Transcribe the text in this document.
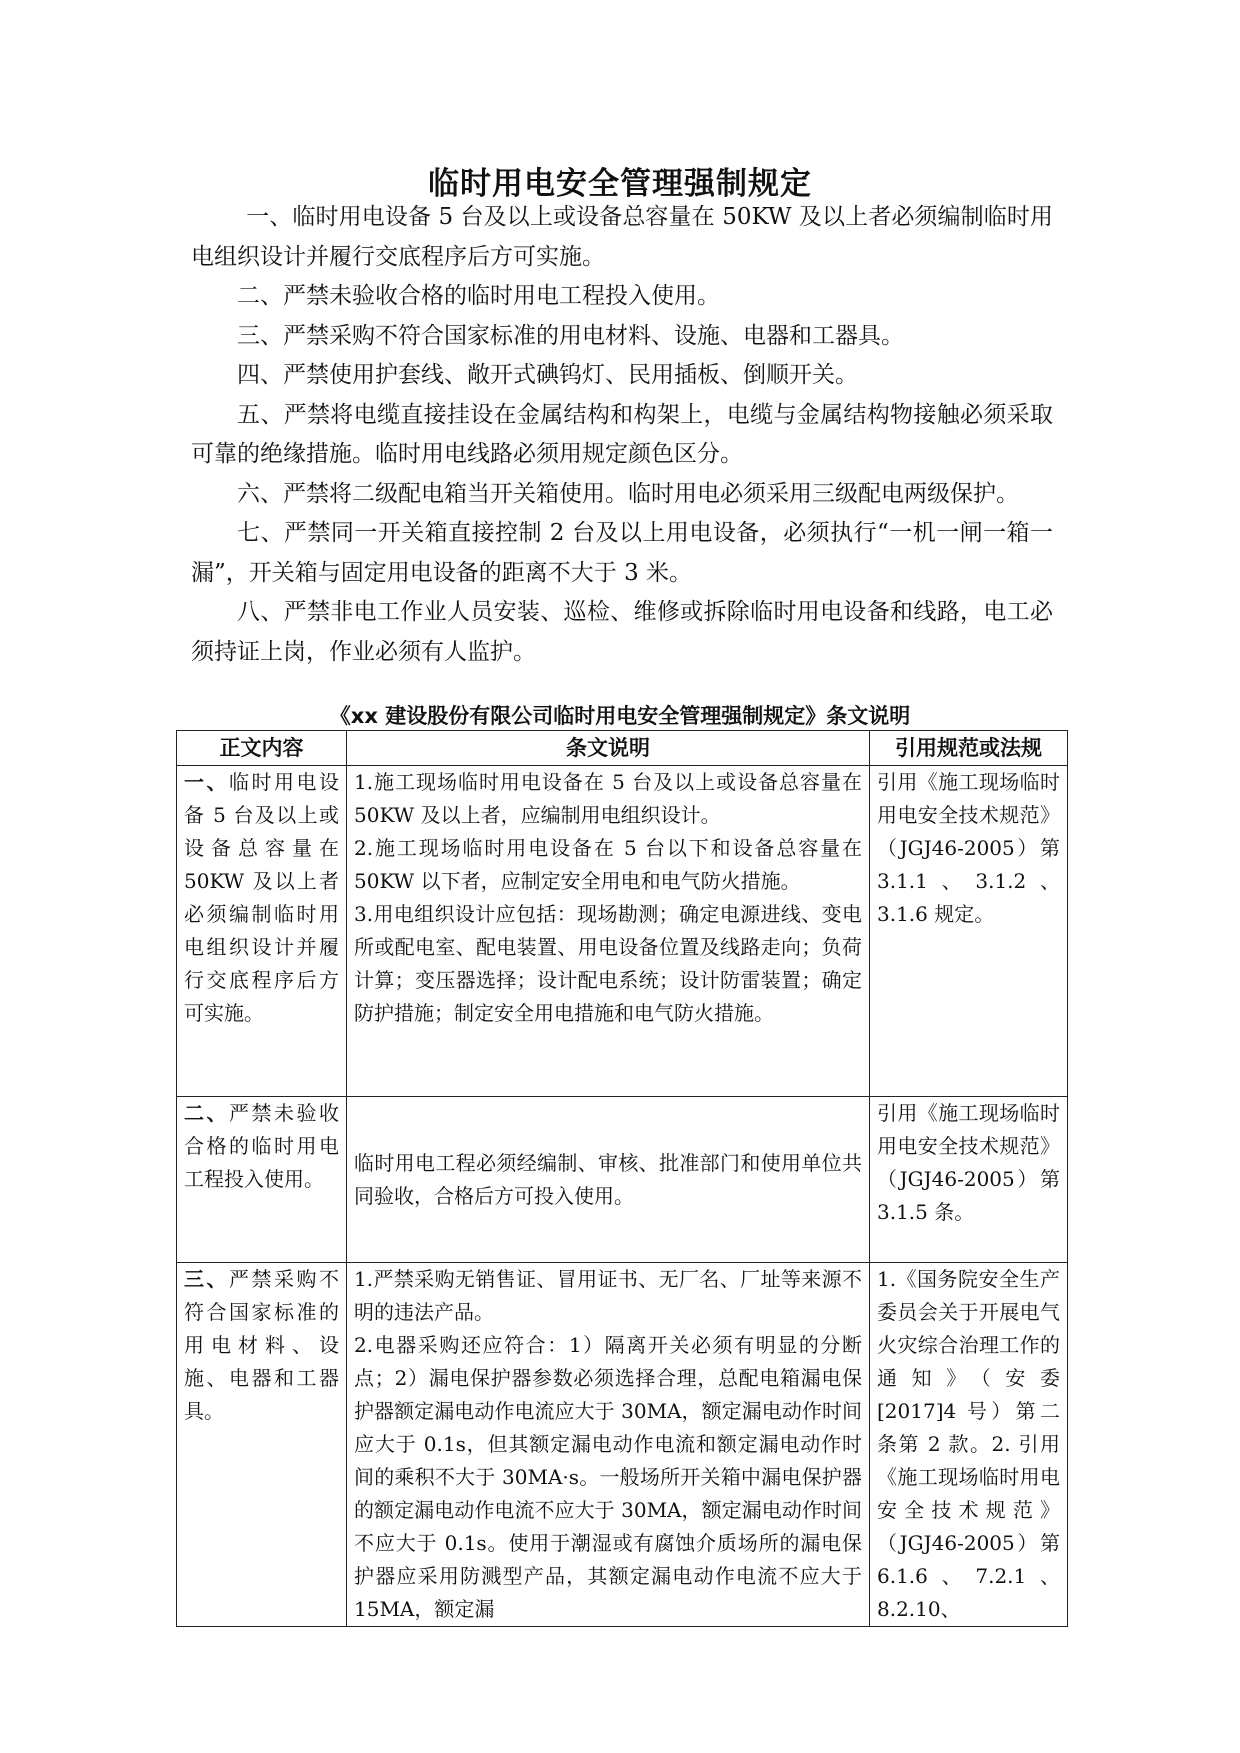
临时用电安全管理强制规定

一、临时用电设备 5 台及以上或设备总容量在 50KW 及以上者必须编制临时用电组织设计并履行交底程序后方可实施。

二、严禁未验收合格的临时用电工程投入使用。

三、严禁采购不符合国家标准的用电材料、设施、电器和工器具。

四、严禁使用护套线、敞开式碘钨灯、民用插板、倒顺开关。

五、严禁将电缆直接挂设在金属结构和构架上，电缆与金属结构物接触必须采取可靠的绝缘措施。临时用电线路必须用规定颜色区分。

六、严禁将二级配电箱当开关箱使用。临时用电必须采用三级配电两级保护。

七、严禁同一开关箱直接控制 2 台及以上用电设备，必须执行“一机一闸一箱一漏”，开关箱与固定用电设备的距离不大于 3 米。

八、严禁非电工作业人员安装、巡检、维修或拆除临时用电设备和线路，电工必须持证上岗，作业必须有人监护。

《xx 建设股份有限公司临时用电安全管理强制规定》条文说明
正文内容	条文说明	引用规范或法规
一、临时用电设备 5 台及以上或设备总容量在 50KW 及以上者必须编制临时用电组织设计并履行交底程序后方可实施。	1.施工现场临时用电设备在 5 台及以上或设备总容量在 50KW 及以上者，应编制用电组织设计。
2.施工现场临时用电设备在 5 台以下和设备总容量在 50KW 以下者，应制定安全用电和电气防火措施。
3.用电组织设计应包括：现场勘测；确定电源进线、变电所或配电室、配电装置、用电设备位置及线路走向；负荷计算；变压器选择；设计配电系统；设计防雷装置；确定防护措施；制定安全用电措施和电气防火措施。	引用《施工现场临时用电安全技术规范》（JGJ46-2005）第 3.1.1、3.1.2、 3.1.6 规定。
二、严禁未验收合格的临时用电工程投入使用。	临时用电工程必须经编制、审核、批准部门和使用单位共同验收，合格后方可投入使用。	引用《施工现场临时用电安全技术规范》（JGJ46-2005）第 3.1.5 条。
三、严禁采购不符合国家标准的用电材料、设施、电器和工器具。	1.严禁采购无销售证、冒用证书、无厂名、厂址等来源不明的违法产品。
2.电器采购还应符合：1）隔离开关必须有明显的分断点；2）漏电保护器参数必须选择合理，总配电箱漏电保护器额定漏电动作电流应大于 30MA，额定漏电动作时间应大于 0.1s，但其额定漏电动作电流和额定漏电动作时间的乘积不大于 30MA·s。一般场所开关箱中漏电保护器的额定漏电动作电流不应大于 30MA，额定漏电动作时间不应大于 0.1s。使用于潮湿或有腐蚀介质场所的漏电保护器应采用防溅型产品，其额定漏电动作电流不应大于 15MA，额定漏	1.《国务院安全生产委员会关于开展电气火灾综合治理工作的通知》（安委[2017]4 号）第二条第 2 款。2. 引用《施工现场临时用电安全技术规范》（JGJ46-2005）第 6.1.6、7.2.1、8.2.10、
